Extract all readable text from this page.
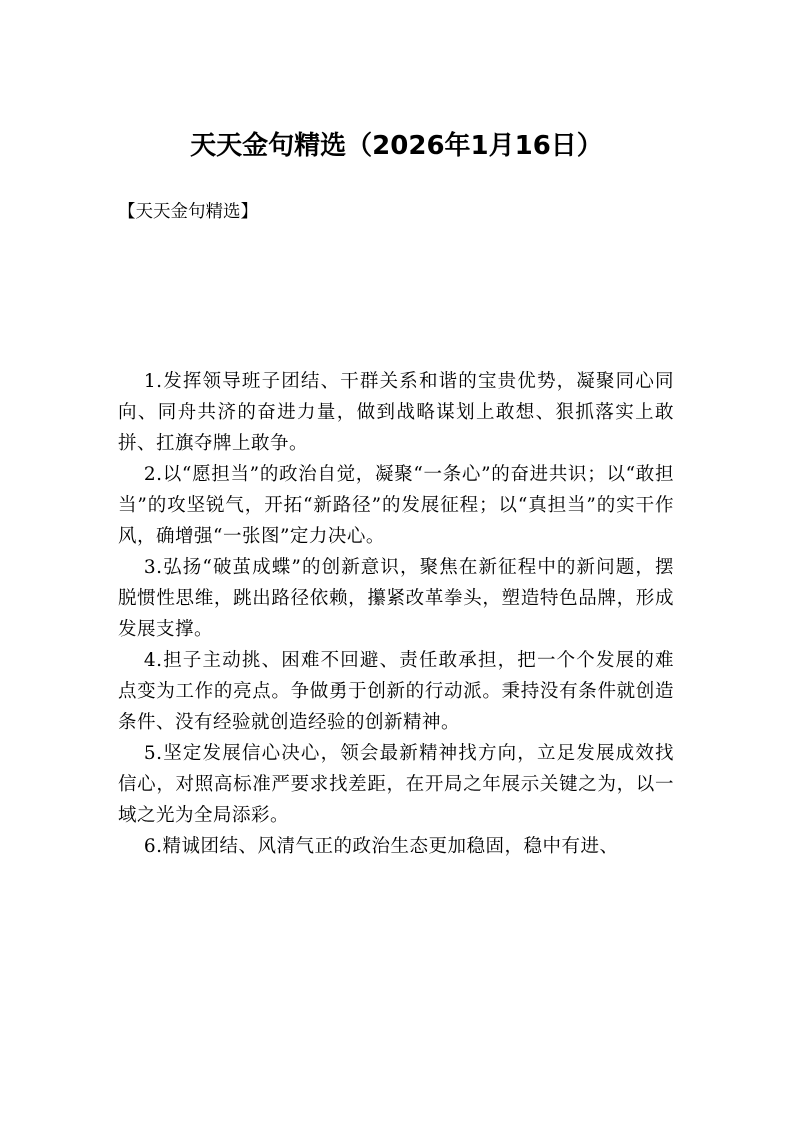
天天金句精选（2026年1月16日）

【天天金句精选】

1.发挥领导班子团结、干群关系和谐的宝贵优势，凝聚同心同向、同舟共济的奋进力量，做到战略谋划上敢想、狠抓落实上敢拼、扛旗夺牌上敢争。

2.以“愿担当”的政治自觉，凝聚“一条心”的奋进共识；以“敢担当”的攻坚锐气，开拓“新路径”的发展征程；以“真担当”的实干作风，确增强“一张图”定力决心。

3.弘扬“破茧成蝶”的创新意识，聚焦在新征程中的新问题，摆脱惯性思维，跳出路径依赖，攥紧改革拳头，塑造特色品牌，形成发展支撑。

4.担子主动挑、困难不回避、责任敢承担，把一个个发展的难点变为工作的亮点。争做勇于创新的行动派。秉持没有条件就创造条件、没有经验就创造经验的创新精神。

5.坚定发展信心决心，领会最新精神找方向，立足发展成效找信心，对照高标准严要求找差距，在开局之年展示关键之为，以一域之光为全局添彩。

6.精诚团结、风清气正的政治生态更加稳固，稳中有进、
